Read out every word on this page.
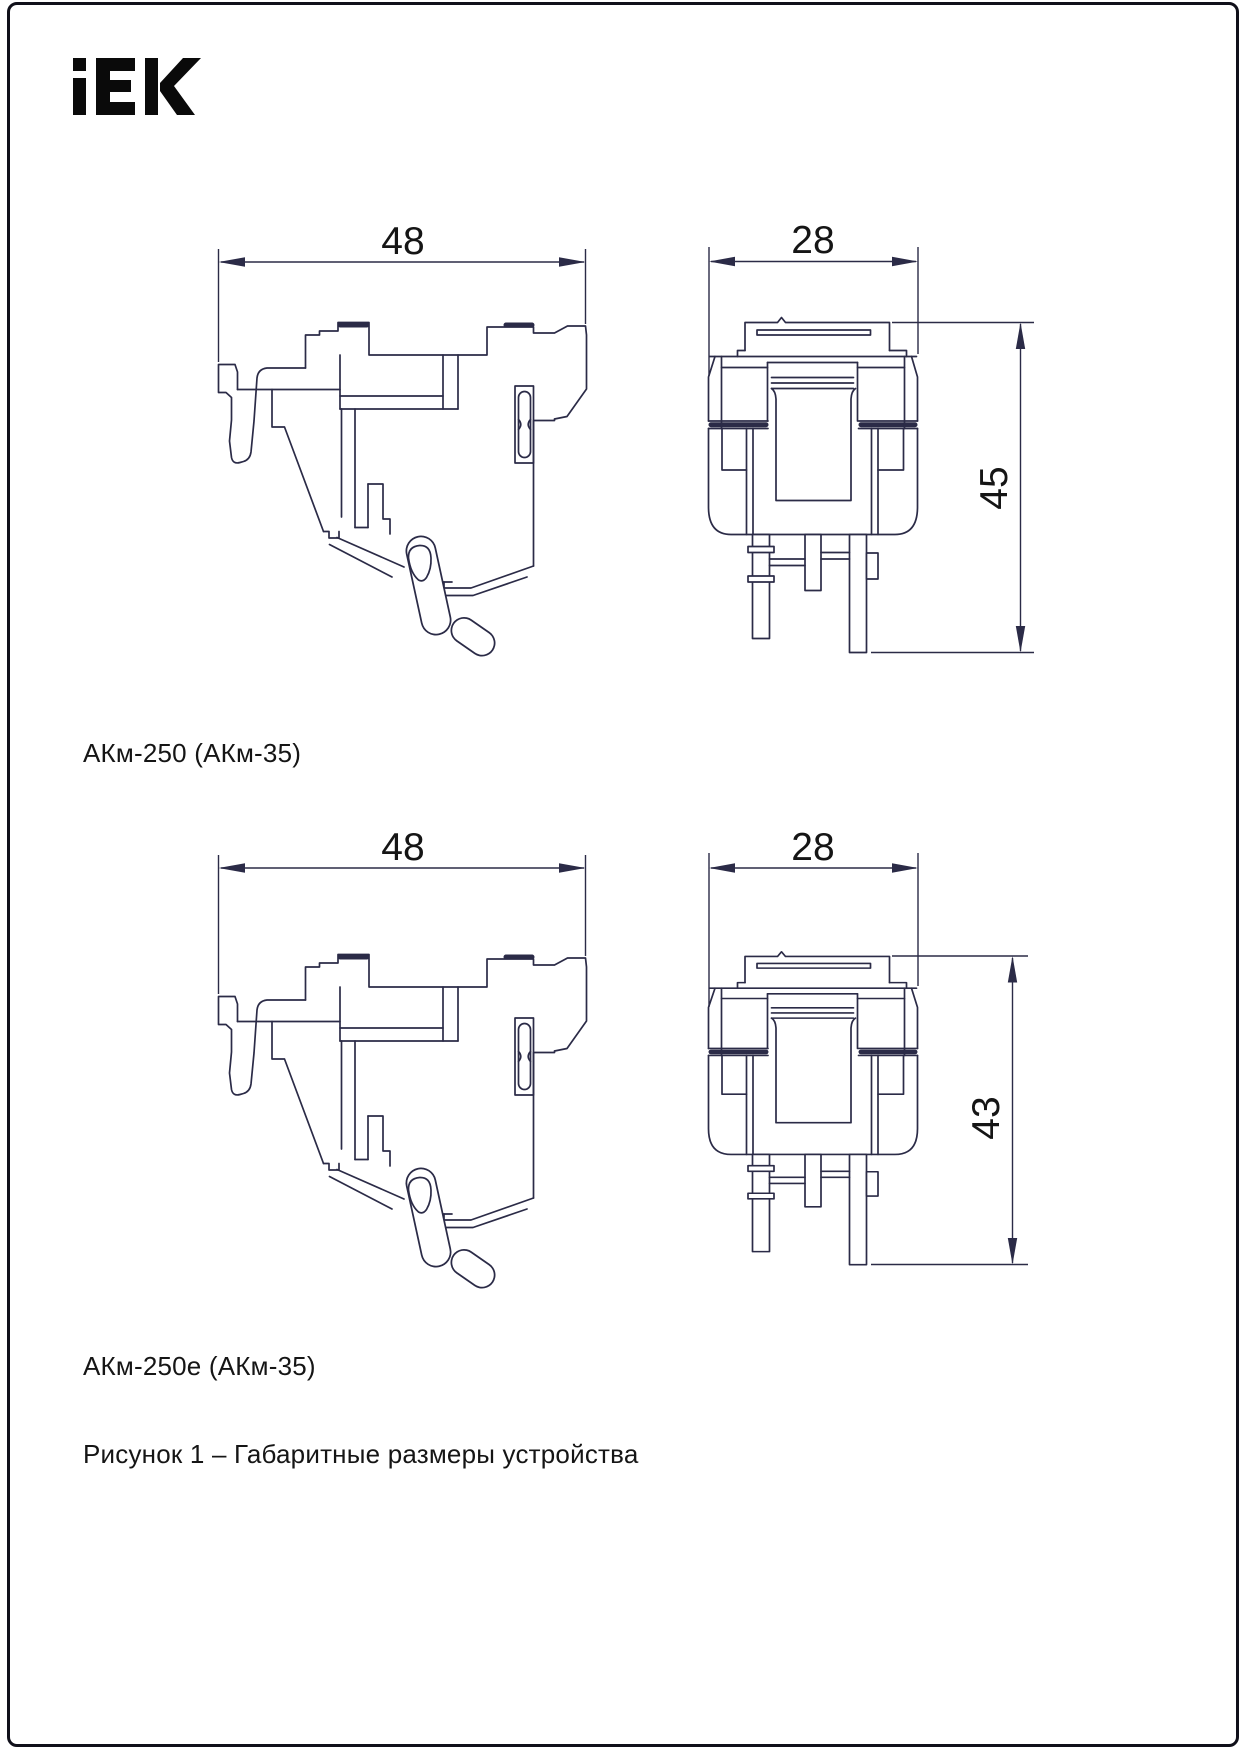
48	28
45
48	28
43
АКм-250 (АКм-35)
АКм-250е (АКм-35)
Рисунок 1 – Габаритные размеры устройства
